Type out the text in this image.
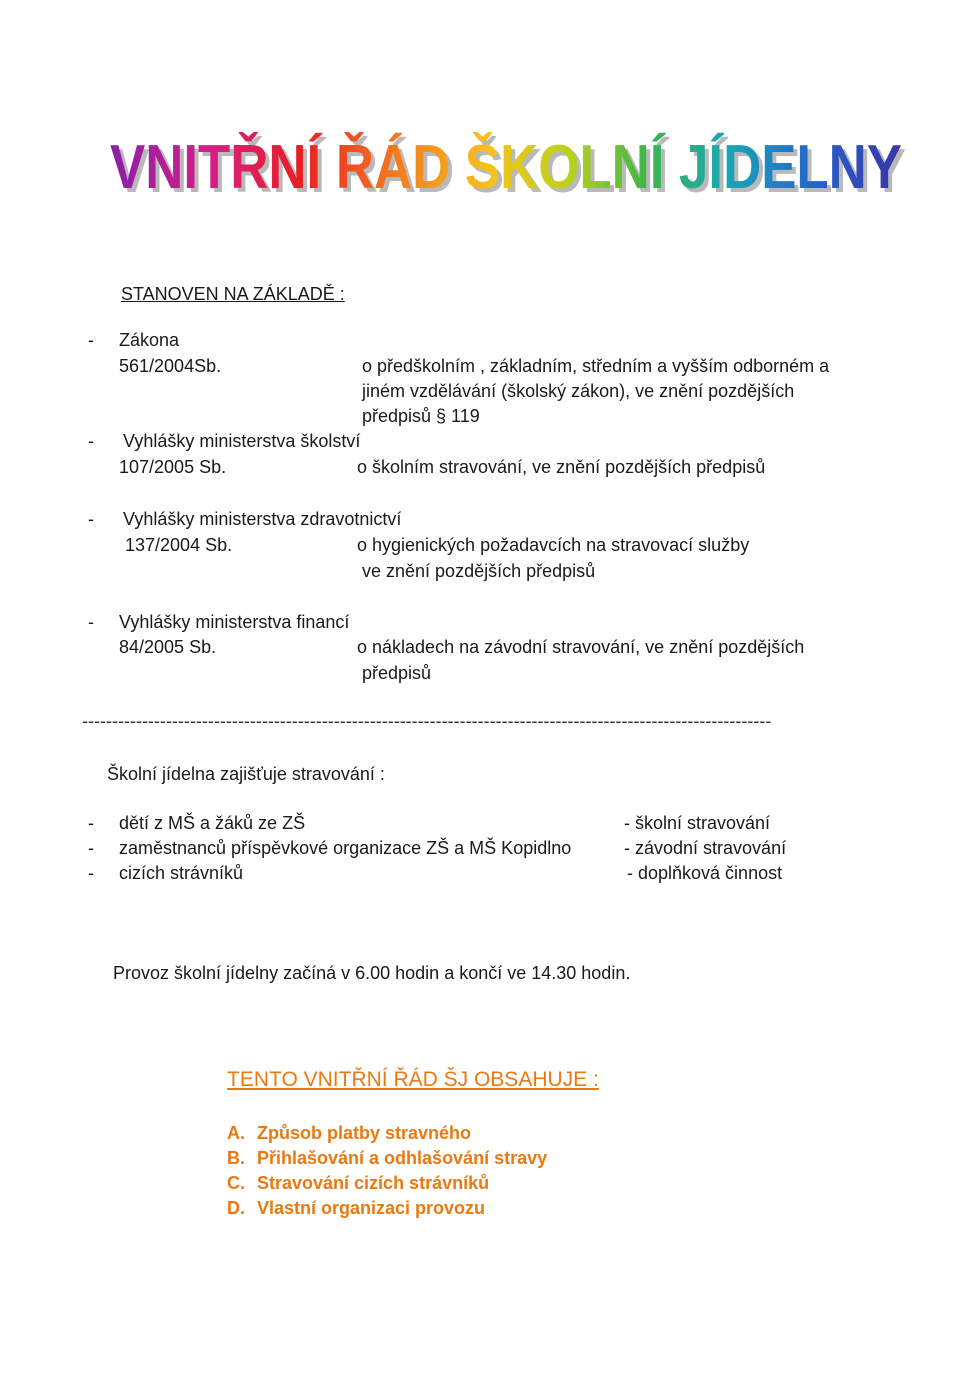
VNITŘNÍ ŘÁD ŠKOLNÍ JÍDELNY
VNITŘNÍ ŘÁD ŠKOLNÍ JÍDELNY
STANOVEN NA ZÁKLADĚ :
- Zákona
561/2004Sb.	o předškolním , základním, středním a vyšším odborném a
jiném vzdělávání (školský zákon), ve znění pozdějších
předpisů § 119
- Vyhlášky ministerstva školství
107/2005 Sb.	o školním stravování, ve znění pozdějších předpisů
- Vyhlášky ministerstva zdravotnictví
137/2004 Sb.	o hygienických požadavcích na stravovací služby
ve znění pozdějších předpisů
- Vyhlášky ministerstva financí
84/2005 Sb.	o nákladech na závodní stravování, ve znění pozdějších
předpisů
-------------------------------------------------------------------------------------------------------------------
Školní jídelna zajišťuje stravování :
- dětí z MŠ a žáků ze ZŠ	- školní stravování
- zaměstnanců příspěvkové organizace ZŠ a MŠ Kopidlno	- závodní stravování
- cizích strávníků	- doplňková činnost
Provoz školní jídelny začíná v 6.00 hodin a končí ve 14.30 hodin.
TENTO VNITŘNÍ ŘÁD ŠJ OBSAHUJE :
A. Způsob platby stravného
B. Přihlašování a odhlašování stravy
C. Stravování cizích strávníků
D. Vlastní organizaci provozu
